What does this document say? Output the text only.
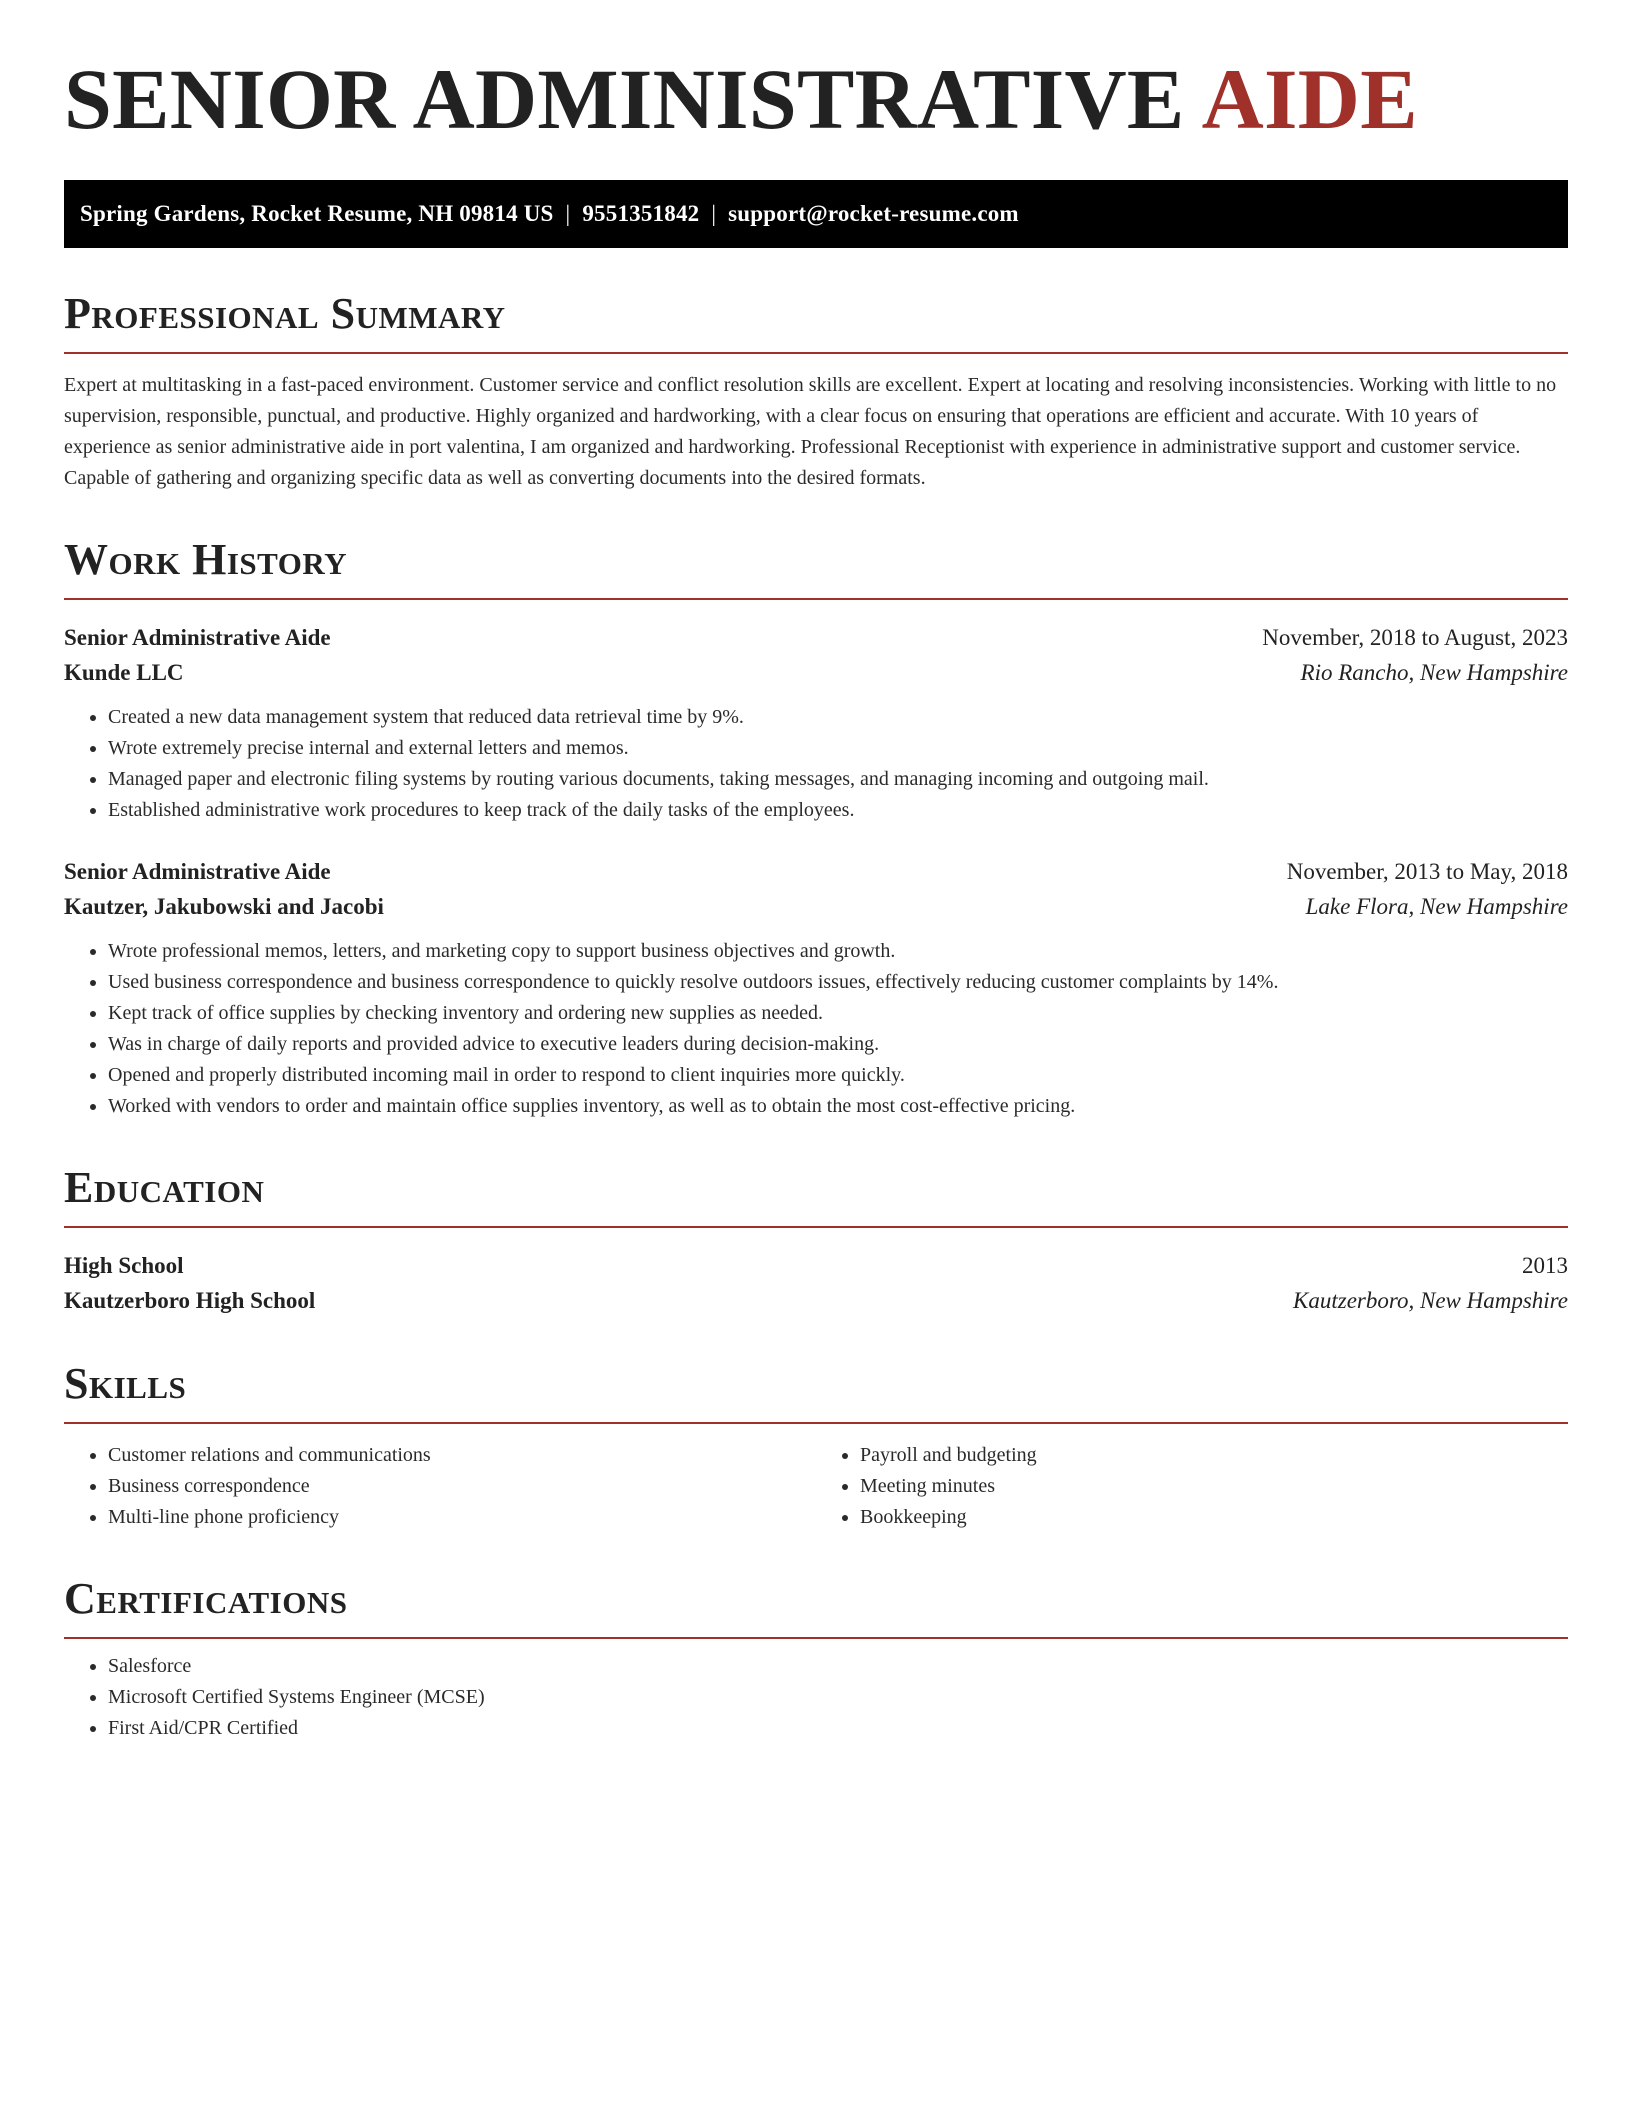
SENIOR ADMINISTRATIVE AIDE
Spring Gardens, Rocket Resume, NH 09814 US | 9551351842 | support@rocket-resume.com
Professional Summary

Expert at multitasking in a fast-paced environment. Customer service and conflict resolution skills are excellent. Expert at locating and resolving inconsistencies. Working with little to no supervision, responsible, punctual, and productive. Highly organized and hardworking, with a clear focus on ensuring that operations are efficient and accurate. With 10 years of experience as senior administrative aide in port valentina, I am organized and hardworking. Professional Receptionist with experience in administrative support and customer service. Capable of gathering and organizing specific data as well as converting documents into the desired formats.

Work History
Senior Administrative Aide	November, 2018 to August, 2023
Kunde LLC	Rio Rancho, New Hampshire
• Created a new data management system that reduced data retrieval time by 9%.
• Wrote extremely precise internal and external letters and memos.
• Managed paper and electronic filing systems by routing various documents, taking messages, and managing incoming and outgoing mail.
• Established administrative work procedures to keep track of the daily tasks of the employees.
Senior Administrative Aide	November, 2013 to May, 2018
Kautzer, Jakubowski and Jacobi	Lake Flora, New Hampshire
• Wrote professional memos, letters, and marketing copy to support business objectives and growth.
• Used business correspondence and business correspondence to quickly resolve outdoors issues, effectively reducing customer complaints by 14%.
• Kept track of office supplies by checking inventory and ordering new supplies as needed.
• Was in charge of daily reports and provided advice to executive leaders during decision-making.
• Opened and properly distributed incoming mail in order to respond to client inquiries more quickly.
• Worked with vendors to order and maintain office supplies inventory, as well as to obtain the most cost-effective pricing.
Education
High School	2013
Kautzerboro High School	Kautzerboro, New Hampshire
Skills
• Customer relations and communications
• Business correspondence
• Multi-line phone proficiency
• Payroll and budgeting
• Meeting minutes
• Bookkeeping
Certifications
• Salesforce
• Microsoft Certified Systems Engineer (MCSE)
• First Aid/CPR Certified
